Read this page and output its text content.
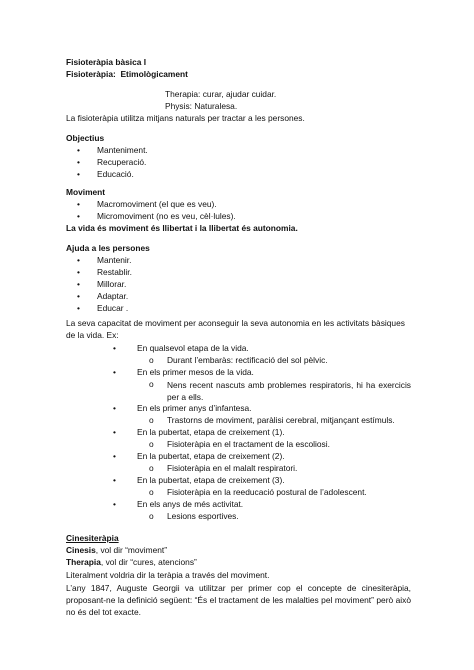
Fisioteràpia bàsica I
Fisioteràpia:  Etimològicament
Therapia: curar, ajudar cuidar.
Physis: Naturalesa.
La fisioteràpia utilitza mitjans naturals per tractar a les persones.
Objectius
• Manteniment.
• Recuperació.
• Educació.
Moviment
• Macromoviment (el que es veu).
• Micromoviment (no es veu, cèl·lules).
La vida és moviment és llibertat i la llibertat és autonomia.
Ajuda a les persones
• Mantenir.
• Restablir.
• Millorar.
• Adaptar.
• Educar .
La seva capacitat de moviment per aconseguir la seva autonomia en les activitats bàsiques de la vida. Ex:
•	En qualsevol etapa de la vida.
o Durant l’embaràs: rectificació del sol pèlvic.
•	En els primer mesos de la vida.
o Nens recent nascuts amb problemes respiratoris, hi ha exercicis per a ells.
•	En els primer anys d’infantesa.
o Trastorns de moviment, paràlisi cerebral, mitjançant estímuls.
•	En la pubertat, etapa de creixement (1).
o Fisioteràpia en el tractament de la escoliosi.
•	En la pubertat, etapa de creixement (2).
o Fisioteràpia en el malalt respiratori.
•	En la pubertat, etapa de creixement (3).
o Fisioteràpia en la reeducació postural de l’adolescent.
•	En els anys de més activitat.
o Lesions esportives.
Cinesiteràpia
Cinesis, vol dir “moviment”
Therapia, vol dir “cures, atencions”
Literalment voldria dir la teràpia a través del moviment.
L’any 1847, Auguste Georgii va utilitzar per primer cop el concepte de cinesiteràpia, proposant-ne la definició següent: “És el tractament de les malalties pel moviment” però això no és del tot exacte.
